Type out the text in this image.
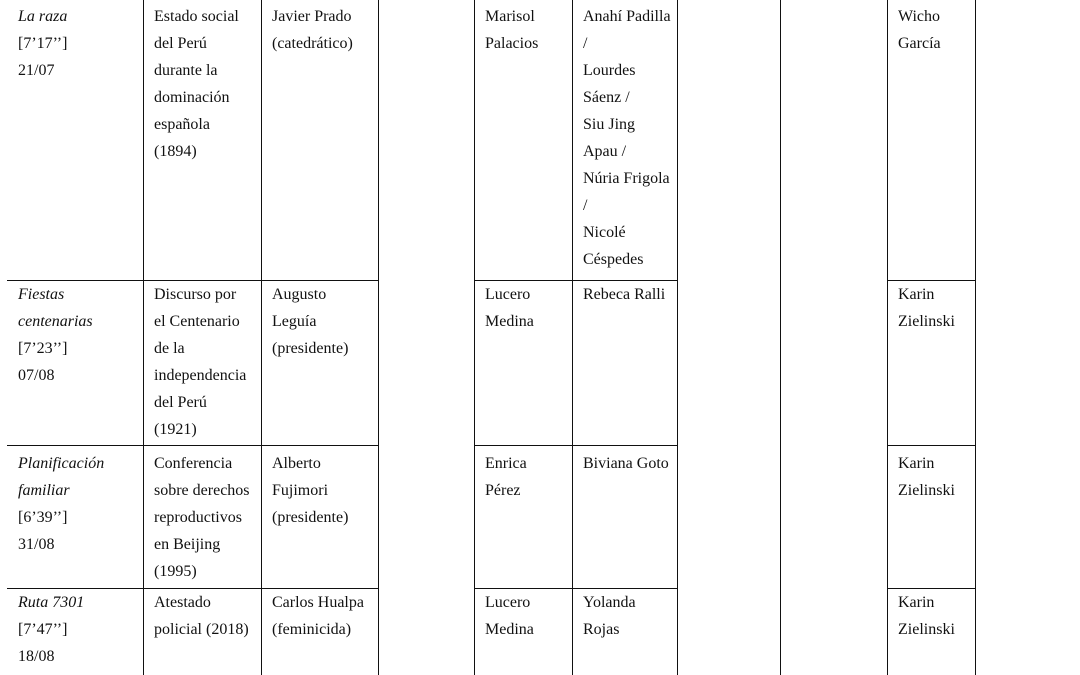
La raza
[7’17’’]
21/07
Estado social
del Perú
durante la
dominación
española
(1894)
Javier Prado
(catedrático)
Marisol
Palacios
Anahí Padilla
/
Lourdes
Sáenz /
Siu Jing
Apau /
Núria Frigola
/
Nicolé
Céspedes
Wicho
García
Fiestas
centenarias
[7’23’’]
07/08
Discurso por
el Centenario
de la
independencia
del Perú
(1921)
Augusto
Leguía
(presidente)
Lucero
Medina
Rebeca Ralli	Karin
Zielinski
Planificación
familiar
[6’39’’]
31/08
Conferencia
sobre derechos
reproductivos
en Beijing
(1995)
Alberto
Fujimori
(presidente)
Enrica
Pérez
Biviana Goto	Karin
Zielinski
Ruta 7301
[7’47’’]
18/08
Atestado
policial (2018)
Carlos Hualpa
(feminicida)
Lucero
Medina
Yolanda
Rojas
Karin
Zielinski
